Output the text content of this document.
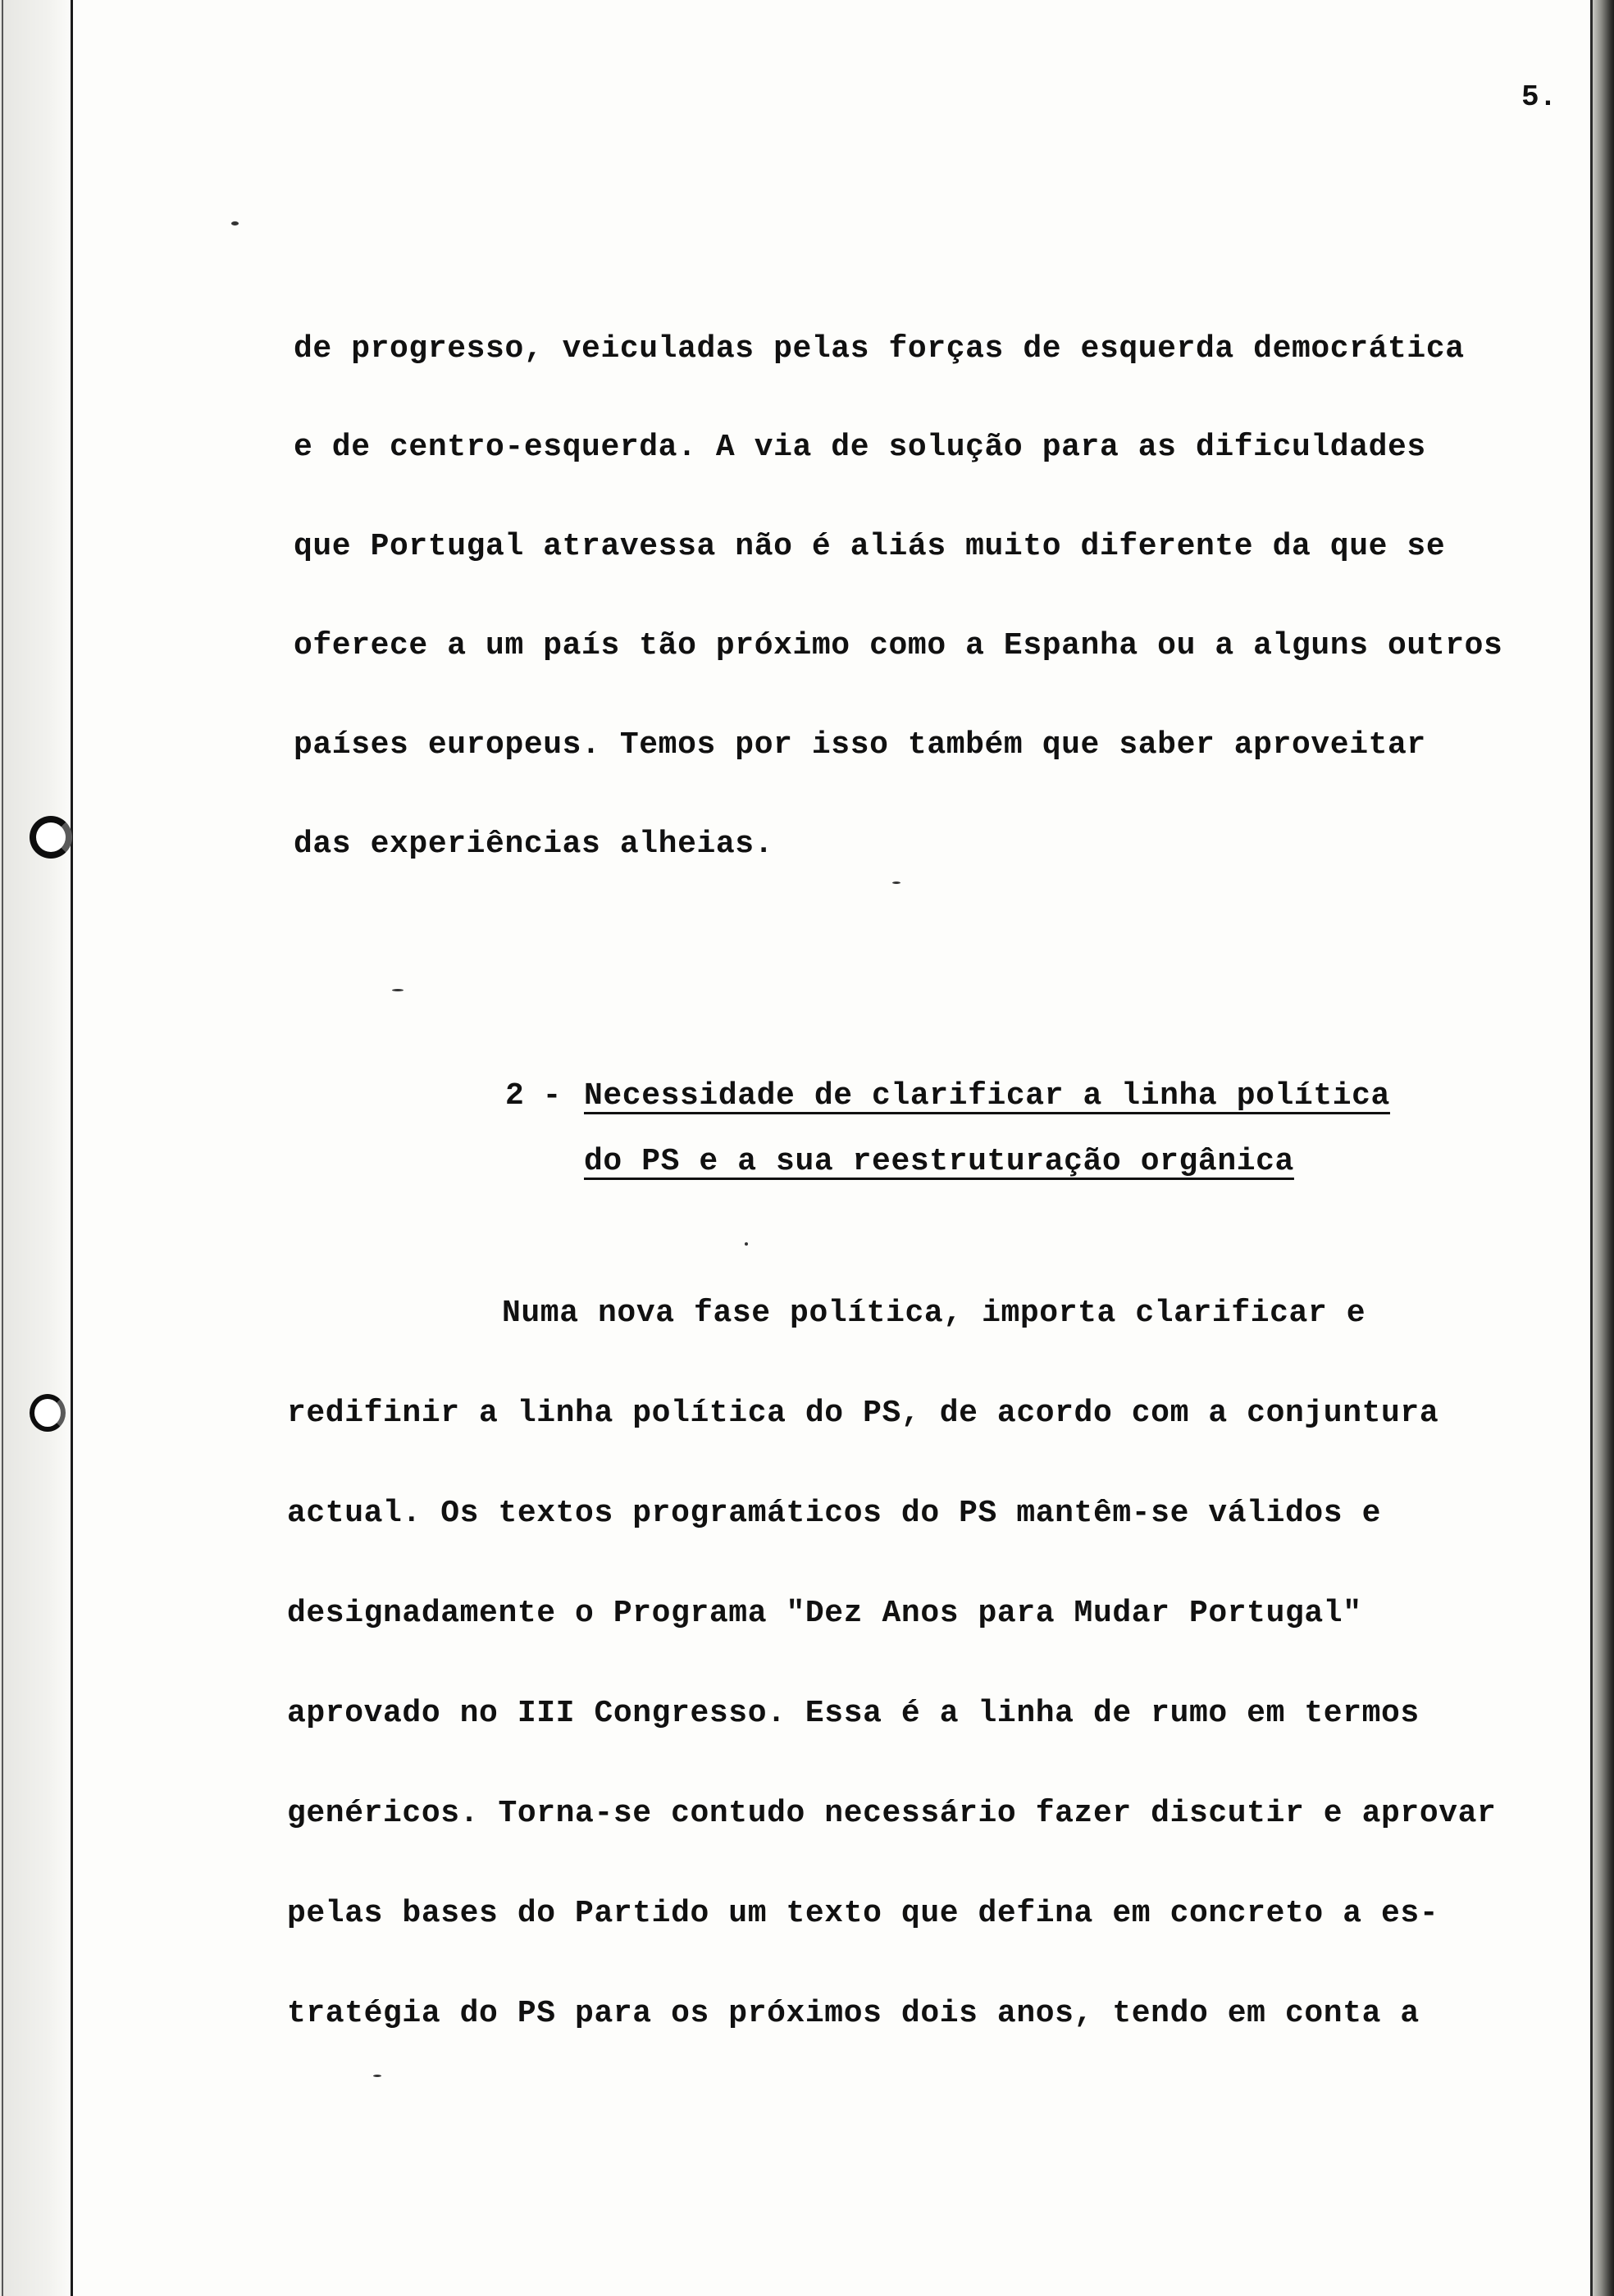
5.
de progresso, veiculadas pelas forças de esquerda democrática
e de centro-esquerda. A via de solução para as dificuldades
que Portugal atravessa não é aliás muito diferente da que se
oferece a um país tão próximo como a Espanha ou a alguns outros
países europeus. Temos por isso também que saber aproveitar
das experiências alheias.
2 - Necessidade de clarificar a linha política
do PS e a sua reestruturação orgânica
Numa nova fase política, importa clarificar e
redifinir a linha política do PS, de acordo com a conjuntura
actual. Os textos programáticos do PS mantêm-se válidos e
designadamente o Programa "Dez Anos para Mudar Portugal"
aprovado no III Congresso. Essa é a linha de rumo em termos
genéricos. Torna-se contudo necessário fazer discutir e aprovar
pelas bases do Partido um texto que defina em concreto a es-
tratégia do PS para os próximos dois anos, tendo em conta a
